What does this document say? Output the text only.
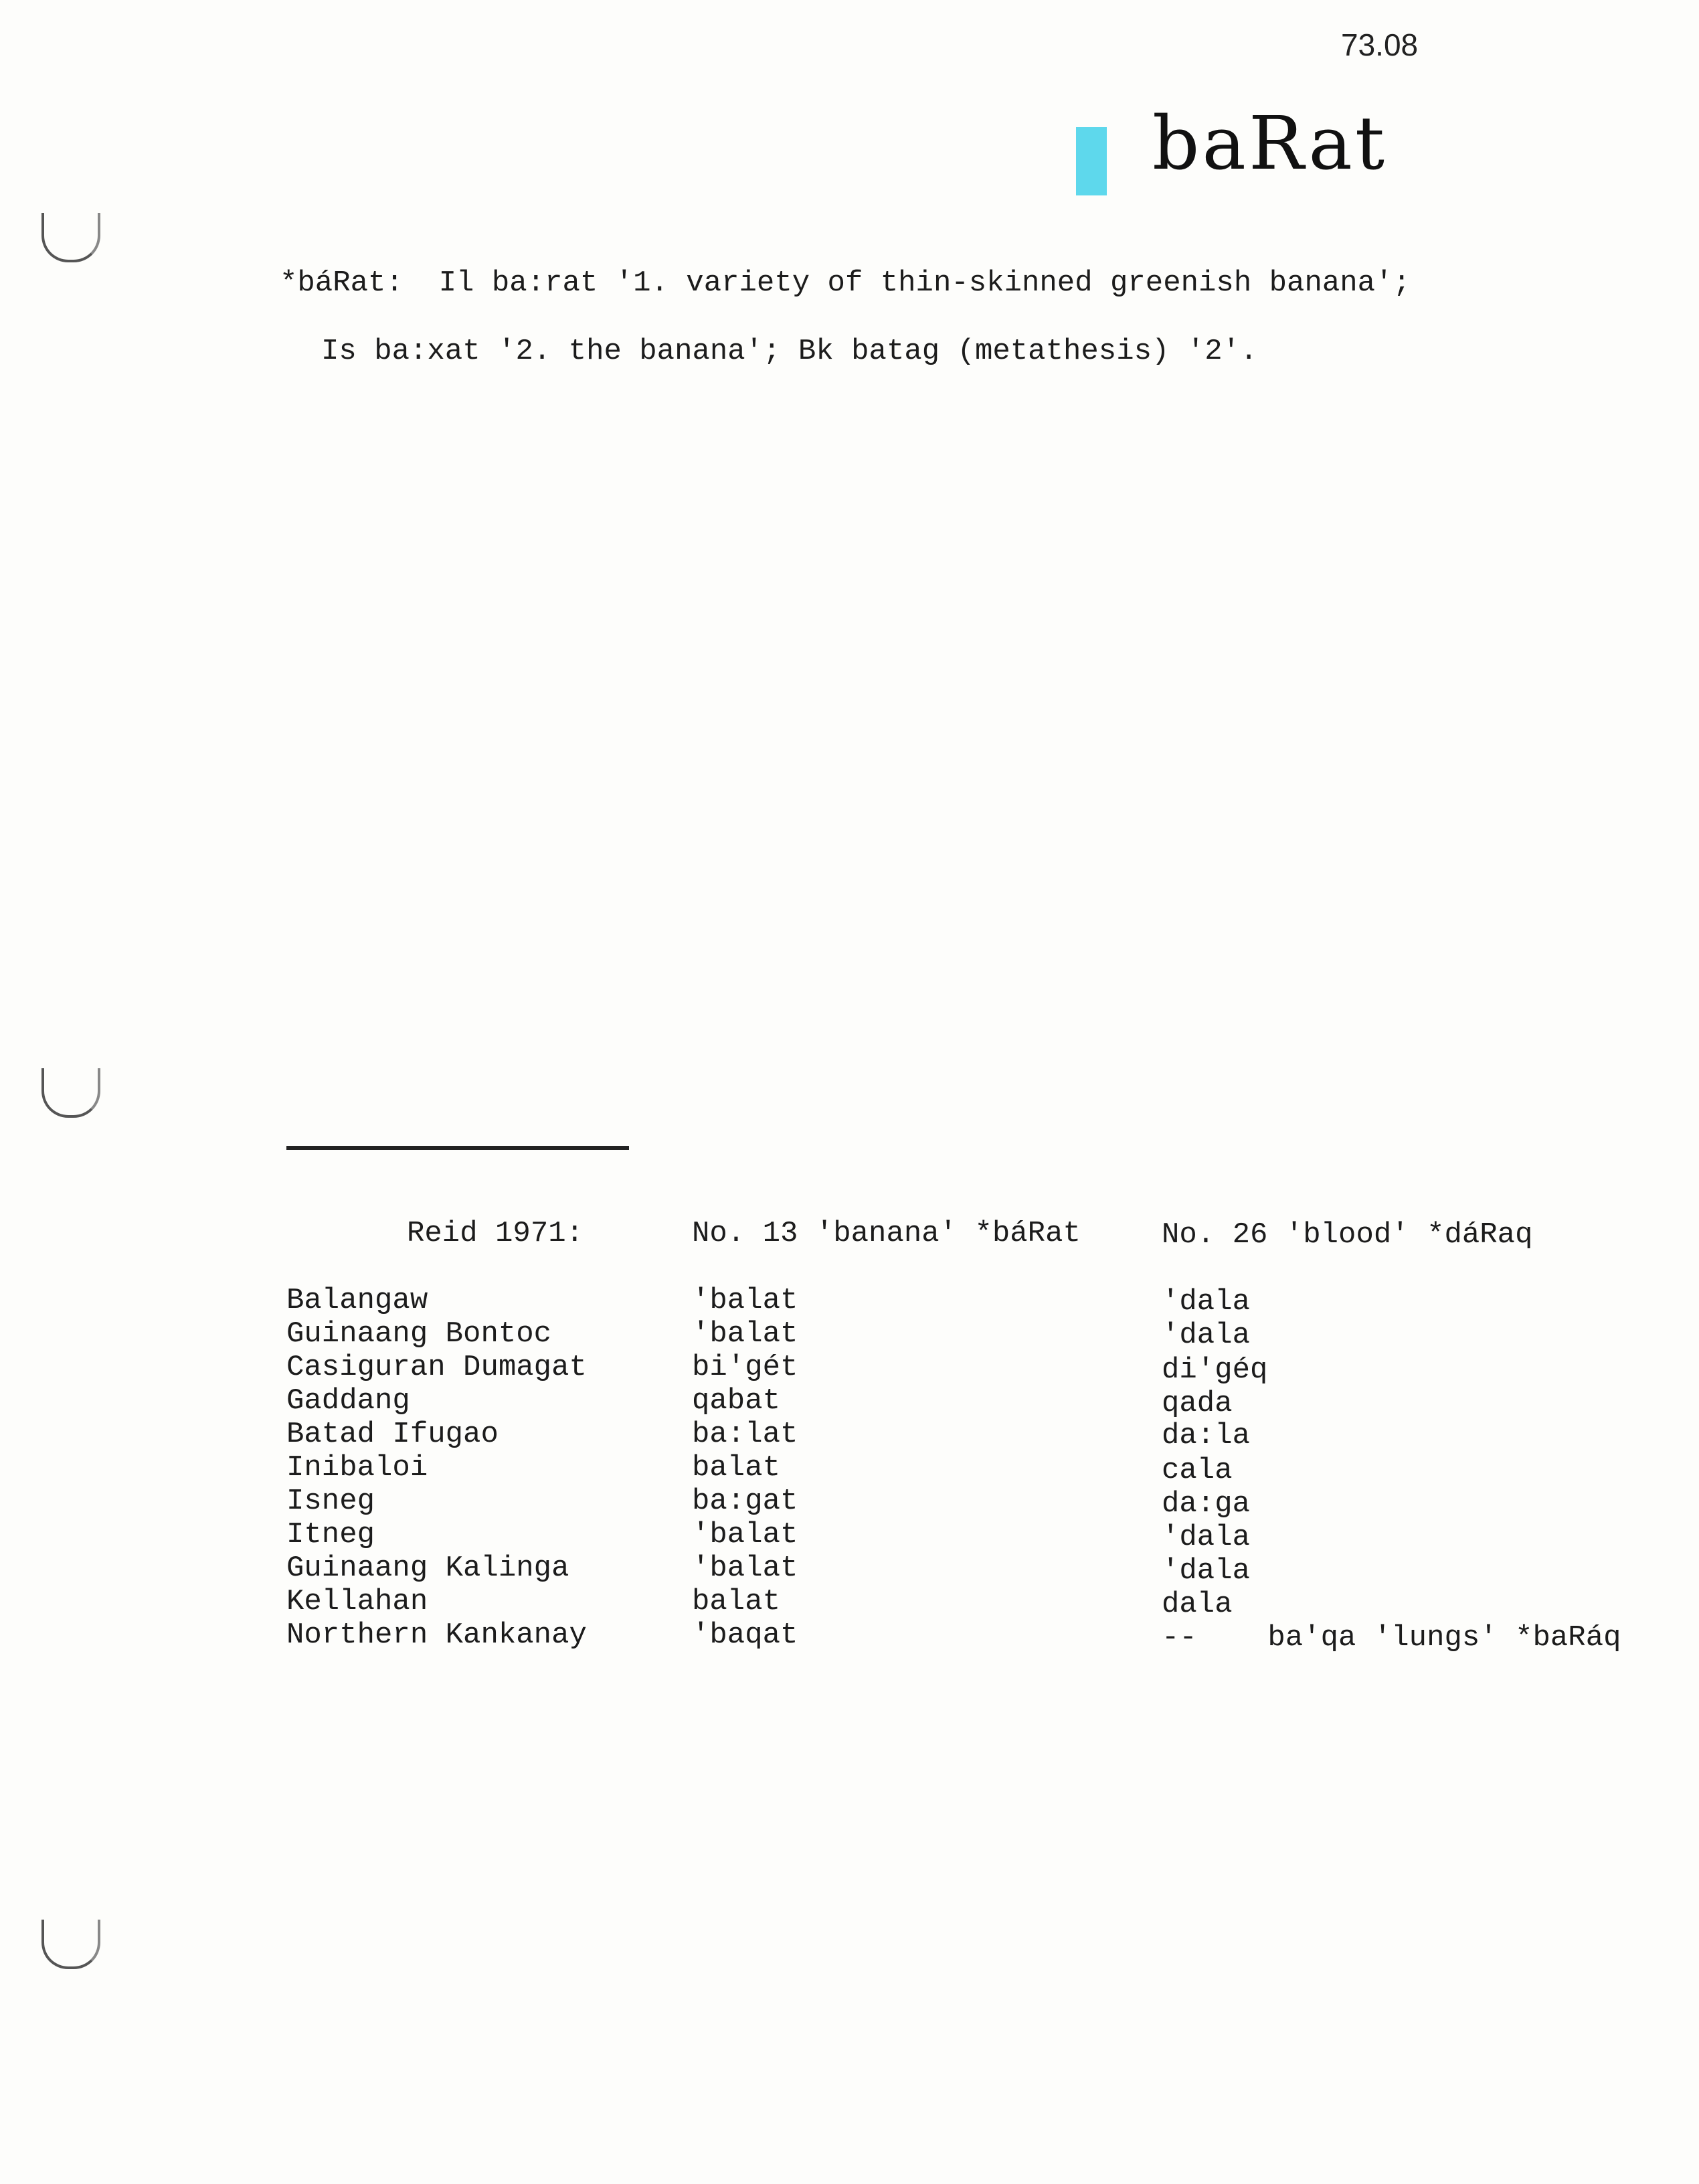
73.08
baRat
*báRat:  Il ba:rat '1. variety of thin-skinned greenish banana';
Is ba:xat '2. the banana'; Bk batag (metathesis) '2'.
Reid 1971:	No. 13 'banana' *báRat	No. 26 'blood' *dáRaq
Balangaw	'balat	'dala
Guinaang Bontoc	'balat	'dala
Casiguran Dumagat	bi'gét	di'géq
Gaddang	qabat	qada
Batad Ifugao	ba:lat	da:la
Inibaloi	balat	cala
Isneg	ba:gat	da:ga
Itneg	'balat	'dala
Guinaang Kalinga	'balat	'dala
Kellahan	balat	dala
Northern Kankanay	'baqat	--    ba'qa 'lungs' *baRáq
